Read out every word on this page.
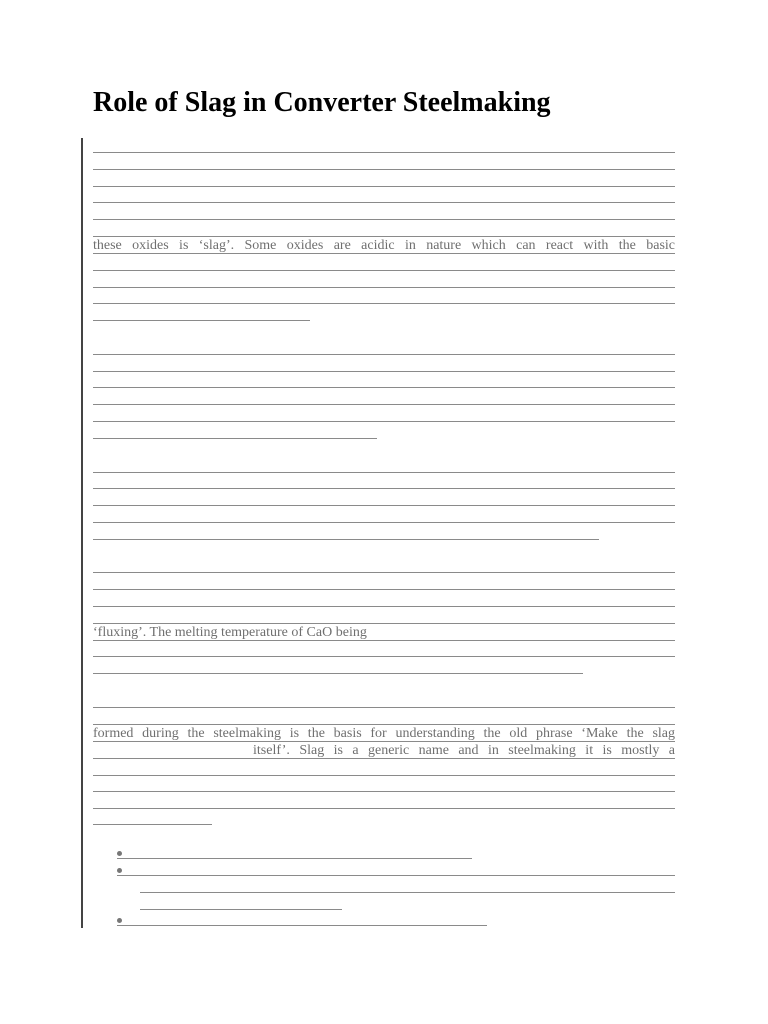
Role of Slag in Converter Steelmaking
these oxides is ‘slag’. Some oxides are acidic in nature which can react with the basic
‘fluxing’. The melting temperature of CaO being
formed during the steelmaking is the basis for understanding the old phrase ‘Make the slag
itself’. Slag is a generic name and in steelmaking it is mostly a
